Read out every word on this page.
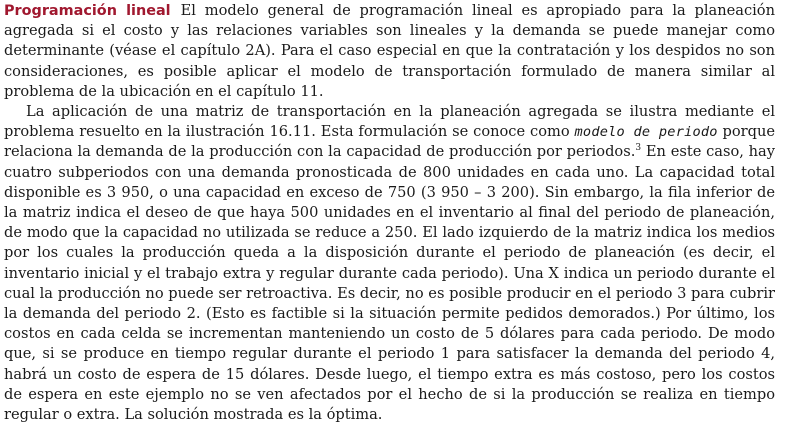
Programación lineal El modelo general de programación lineal es apropiado para la planeación agregada si el costo y las relaciones variables son lineales y la demanda se puede manejar como determinante (véase el capítulo 2A). Para el caso especial en que la contratación y los despidos no son consideraciones, es posible aplicar el modelo de transportación formulado de manera similar al problema de la ubicación en el capítulo 11.

La aplicación de una matriz de transportación en la planeación agregada se ilustra mediante el problema resuelto en la ilustración 16.11. Esta formulación se conoce como modelo de periodo porque relaciona la demanda de la producción con la capacidad de producción por periodos.$^3$ En este caso, hay cuatro subperiodos con una demanda pronosticada de 800 unidades en cada uno. La capacidad total disponible es 3 950, o una capacidad en exceso de 750 (3 950 – 3 200). Sin embargo, la fila inferior de la matriz indica el deseo de que haya 500 unidades en el inventario al final del periodo de planeación, de modo que la capacidad no utilizada se reduce a 250. El lado izquierdo de la matriz indica los medios por los cuales la producción queda a la disposición durante el periodo de planeación (es decir, el inventario inicial y el trabajo extra y regular durante cada periodo). Una X indica un periodo durante el cual la producción no puede ser retroactiva. Es decir, no es posible producir en el periodo 3 para cubrir la demanda del periodo 2. (Esto es factible si la situación permite pedidos demorados.) Por último, los costos en cada celda se incrementan manteniendo un costo de 5 dólares para cada periodo. De modo que, si se produce en tiempo regular durante el periodo 1 para satisfacer la demanda del periodo 4, habrá un costo de espera de 15 dólares. Desde luego, el tiempo extra es más costoso, pero los costos de espera en este ejemplo no se ven afectados por el hecho de si la producción se realiza en tiempo regular o extra. La solución mostrada es la óptima.
